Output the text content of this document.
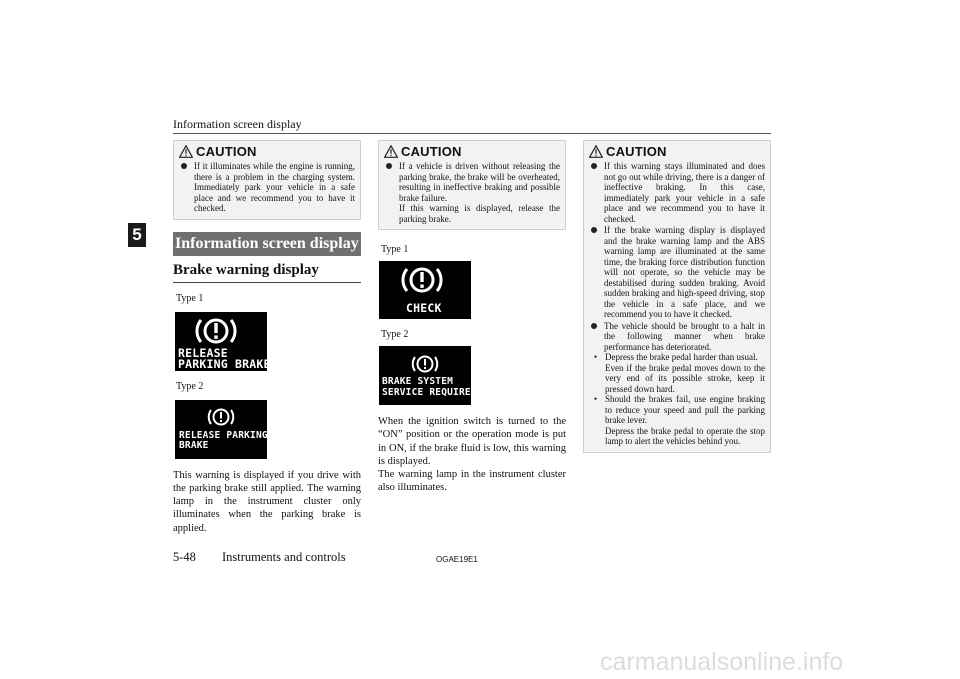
Information screen display
5
CAUTION
If it illuminates while the engine is running, there is a problem in the charging system. Immediately park your vehicle in a safe place and we recommend you to have it checked.
Information screen display
Brake warning display
Type 1
RELEASE
PARKING BRAKE
Type 2
RELEASE PARKING
BRAKE
This warning is displayed if you drive with the parking brake still applied. The warning lamp in the instrument cluster only illuminates when the parking brake is applied.
CAUTION
If a vehicle is driven without releasing the parking brake, the brake will be overheated, resulting in ineffective braking and possible brake failure.
If this warning is displayed, release the parking brake.
Type 1
CHECK
Type 2
BRAKE SYSTEM
SERVICE REQUIRED
When the ignition switch is turned to the “ON” position or the operation mode is put in ON, if the brake fluid is low, this warning is displayed.
The warning lamp in the instrument cluster also illuminates.
CAUTION
If this warning stays illuminated and does not go out while driving, there is a danger of ineffective braking. In this case, immediately park your vehicle in a safe place and we recommend you to have it checked.
If the brake warning display is displayed and the brake warning lamp and the ABS warning lamp are illuminated at the same time, the braking force distribution function will not operate, so the vehicle may be destabilised during sudden braking. Avoid sudden braking and high-speed driving, stop the vehicle in a safe place, and we recommend you to have it checked.
The vehicle should be brought to a halt in the following manner when brake performance has deteriorated.
• Depress the brake pedal harder than usual.
Even if the brake pedal moves down to the very end of its possible stroke, keep it pressed down hard.
• Should the brakes fail, use engine braking to reduce your speed and pull the parking brake lever.
Depress the brake pedal to operate the stop lamp to alert the vehicles behind you.
5-48 Instruments and controls	OGAE19E1
carmanualsonline.info
